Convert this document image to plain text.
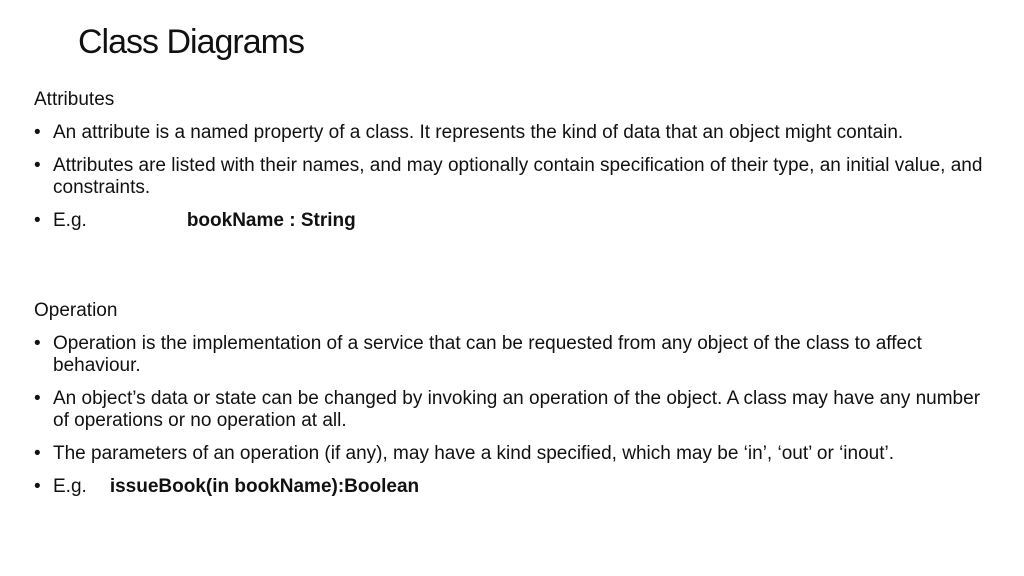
Class Diagrams
Attributes
• An attribute is a named property of a class. It represents the kind of data that an object might contain.
• Attributes are listed with their names, and may optionally contain specification of their type, an initial value, and constraints.
• E.g.	bookName : String
Operation
• Operation is the implementation of a service that can be requested from any object of the class to affect behaviour.
• An object’s data or state can be changed by invoking an operation of the object. A class may have any number of operations or no operation at all.
• The parameters of an operation (if any), may have a kind specified, which may be ‘in’, ‘out’ or ‘inout’.
• E.g. issueBook(in bookName):Boolean
